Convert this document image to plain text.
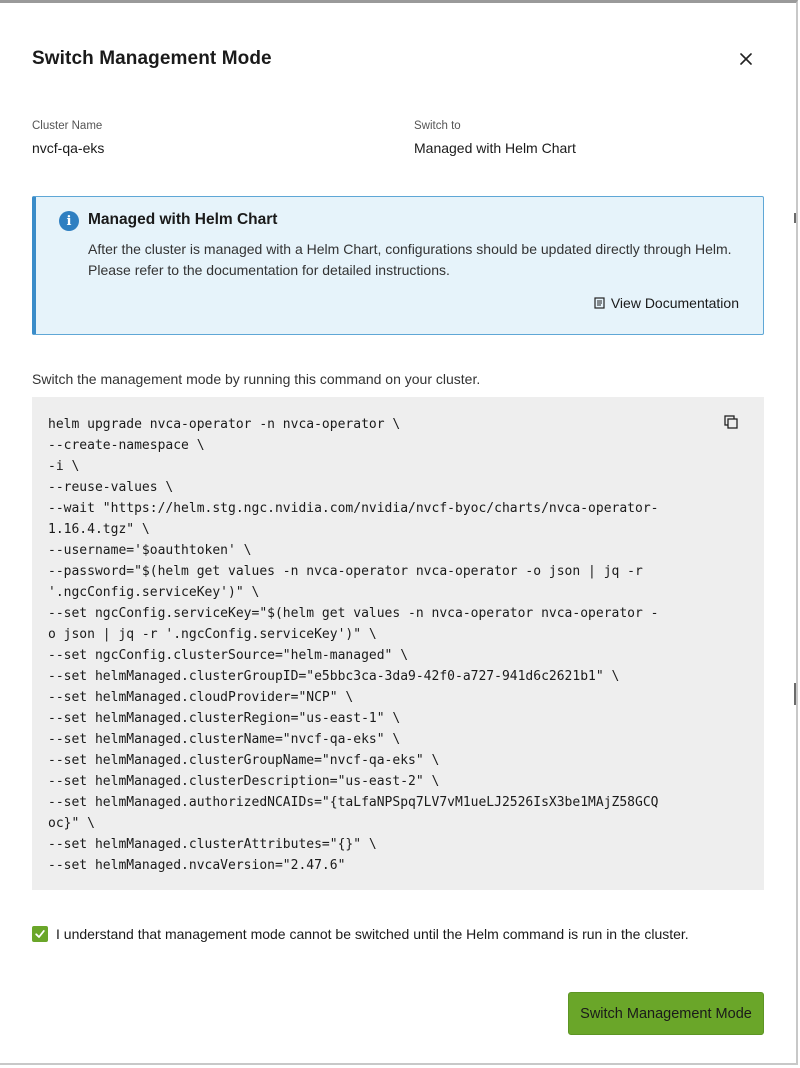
Switch Management Mode
Cluster Name
nvcf-qa-eks
Switch to
Managed with Helm Chart
i	Managed with Helm Chart
After the cluster is managed with a Helm Chart, configurations should be updated directly through Helm. Please refer to the documentation for detailed instructions.
View Documentation
Switch the management mode by running this command on your cluster.
helm upgrade nvca-operator -n nvca-operator \
--create-namespace \
-i \
--reuse-values \
--wait "https://helm.stg.ngc.nvidia.com/nvidia/nvcf-byoc/charts/nvca-operator-
1.16.4.tgz" \
--username='$oauthtoken' \
--password="$(helm get values -n nvca-operator nvca-operator -o json | jq -r
'.ngcConfig.serviceKey')" \
--set ngcConfig.serviceKey="$(helm get values -n nvca-operator nvca-operator -
o json | jq -r '.ngcConfig.serviceKey')" \
--set ngcConfig.clusterSource="helm-managed" \
--set helmManaged.clusterGroupID="e5bbc3ca-3da9-42f0-a727-941d6c2621b1" \
--set helmManaged.cloudProvider="NCP" \
--set helmManaged.clusterRegion="us-east-1" \
--set helmManaged.clusterName="nvcf-qa-eks" \
--set helmManaged.clusterGroupName="nvcf-qa-eks" \
--set helmManaged.clusterDescription="us-east-2" \
--set helmManaged.authorizedNCAIDs="{taLfaNPSpq7LV7vM1ueLJ2526IsX3be1MAjZ58GCQ
oc}" \
--set helmManaged.clusterAttributes="{}" \
--set helmManaged.nvcaVersion="2.47.6"
I understand that management mode cannot be switched until the Helm command is run in the cluster.
Switch Management Mode
